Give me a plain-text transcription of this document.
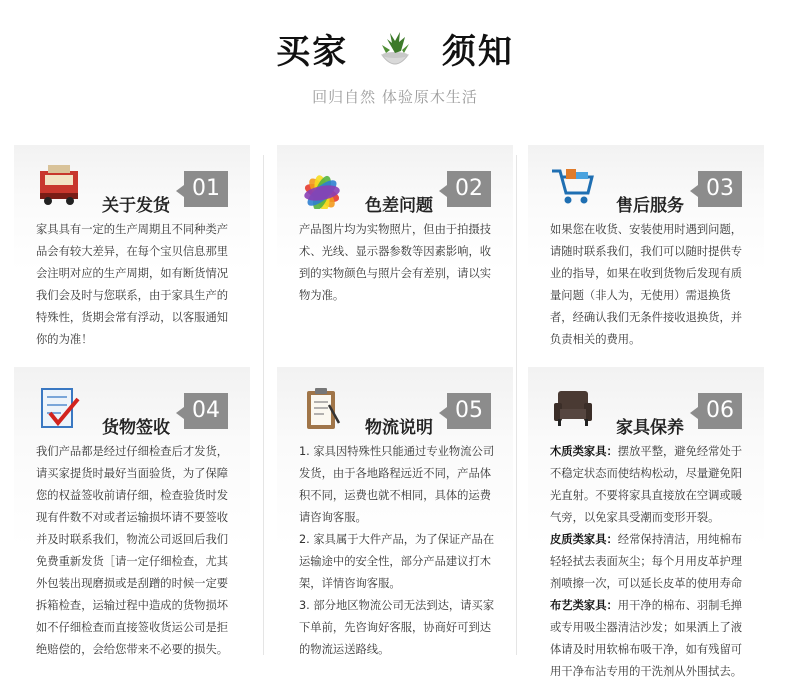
买家	须知
回归自然 体验原木生活
关于发货
01

家具具有一定的生产周期且不同种类产品会有较大差异，在每个宝贝信息那里会注明对应的生产周期，如有断货情况我们会及时与您联系，由于家具生产的特殊性，货期会常有浮动，以客服通知你的为准！

色差问题
02

产品图片均为实物照片，但由于拍摄技术、光线、显示器参数等因素影响，收到的实物颜色与照片会有差别，请以实物为准。

售后服务
03

如果您在收货、安装使用时遇到问题，请随时联系我们，我们可以随时提供专业的指导，如果在收到货物后发现有质量问题（非人为，无使用）需退换货者，经确认我们无条件接收退换货，并负责相关的费用。

货物签收
04

我们产品都是经过仔细检查后才发货，请买家提货时最好当面验货，为了保障您的权益签收前请仔细，检查验货时发现有件数不对或者运输损坏请不要签收并及时联系我们，物流公司返回后我们免费重新发货［请一定仔细检查，尤其外包装出现磨损或是刮蹭的时候一定要拆箱检查，运输过程中造成的货物损坏如不仔细检查而直接签收货运公司是拒绝赔偿的，会给您带来不必要的损失。

物流说明
05

1. 家具因特殊性只能通过专业物流公司发货，由于各地路程远近不同，产品体积不同，运费也就不相同，具体的运费请咨询客服。

2. 家具属于大件产品，为了保证产品在运输途中的安全性，部分产品建议打木架，详情咨询客服。

3. 部分地区物流公司无法到达，请买家下单前，先咨询好客服，协商好可到达的物流运送路线。

家具保养
06

木质类家具：摆放平整，避免经常处于不稳定状态而使结构松动，尽量避免阳光直射。不要将家具直接放在空调或暖气旁，以免家具受潮而变形开裂。

皮质类家具：经常保持清洁，用纯棉布轻轻拭去表面灰尘；每个月用皮革护理剂喷擦一次，可以延长皮革的使用寿命

布艺类家具：用干净的棉布、羽制毛掸或专用吸尘器清洁沙发；如果洒上了液体请及时用软棉布吸干净，如有残留可用干净布沾专用的干洗剂从外围拭去。
